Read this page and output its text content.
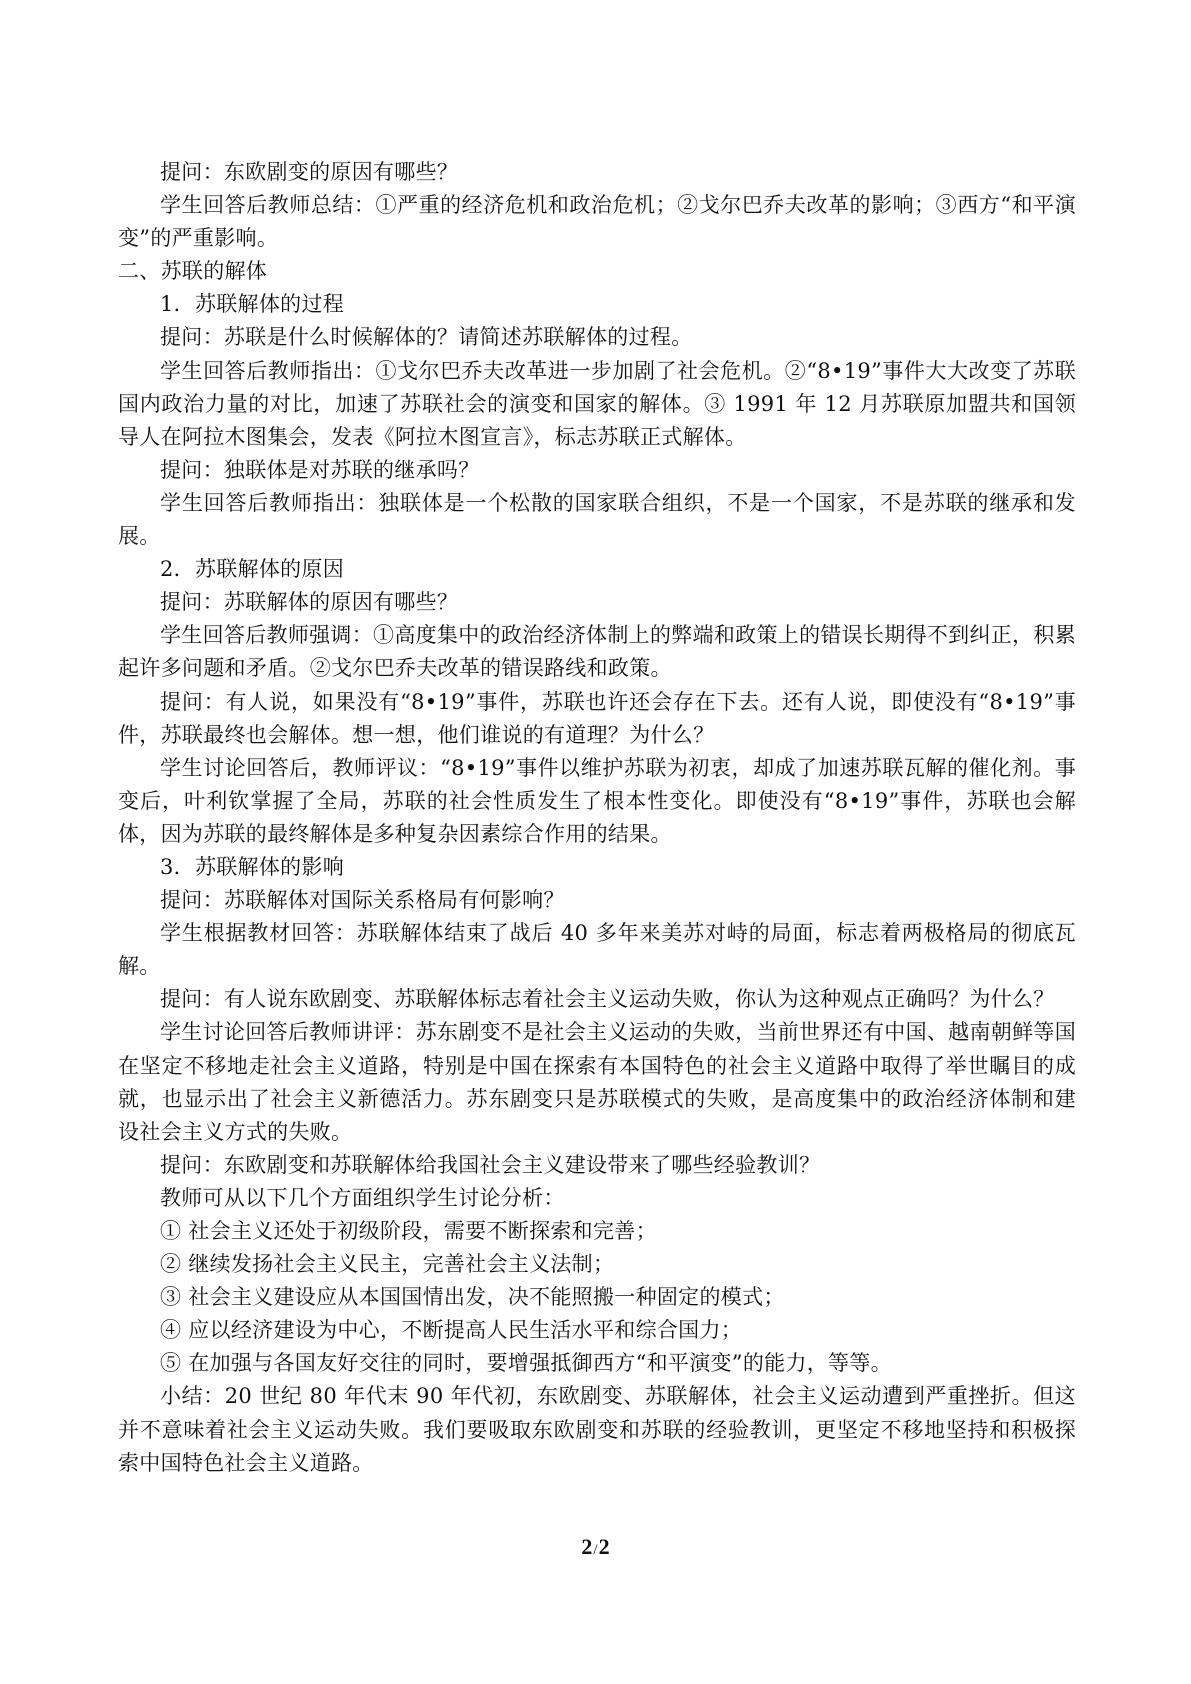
提问：东欧剧变的原因有哪些？

学生回答后教师总结：①严重的经济危机和政治危机；②戈尔巴乔夫改革的影响；③西方“和平演变”的严重影响。

二、苏联的解体

1．苏联解体的过程

提问：苏联是什么时候解体的？请简述苏联解体的过程。

学生回答后教师指出：①戈尔巴乔夫改革进一步加剧了社会危机。②“8•19”事件大大改变了苏联国内政治力量的对比，加速了苏联社会的演变和国家的解体。③ 1991 年 12 月苏联原加盟共和国领导人在阿拉木图集会，发表《阿拉木图宣言》，标志苏联正式解体。

提问：独联体是对苏联的继承吗？

学生回答后教师指出：独联体是一个松散的国家联合组织，不是一个国家，不是苏联的继承和发展。

2．苏联解体的原因

提问：苏联解体的原因有哪些？

学生回答后教师强调：①高度集中的政治经济体制上的弊端和政策上的错误长期得不到纠正，积累起许多问题和矛盾。②戈尔巴乔夫改革的错误路线和政策。

提问：有人说，如果没有“8•19”事件，苏联也许还会存在下去。还有人说，即使没有“8•19”事件，苏联最终也会解体。想一想，他们谁说的有道理？为什么？

学生讨论回答后，教师评议：“8•19”事件以维护苏联为初衷，却成了加速苏联瓦解的催化剂。事变后，叶利钦掌握了全局，苏联的社会性质发生了根本性变化。即使没有“8•19”事件，苏联也会解体，因为苏联的最终解体是多种复杂因素综合作用的结果。

3．苏联解体的影响

提问：苏联解体对国际关系格局有何影响？

学生根据教材回答：苏联解体结束了战后 40 多年来美苏对峙的局面，标志着两极格局的彻底瓦解。

提问：有人说东欧剧变、苏联解体标志着社会主义运动失败，你认为这种观点正确吗？为什么？

学生讨论回答后教师讲评：苏东剧变不是社会主义运动的失败，当前世界还有中国、越南朝鲜等国在坚定不移地走社会主义道路，特别是中国在探索有本国特色的社会主义道路中取得了举世瞩目的成就，也显示出了社会主义新德活力。苏东剧变只是苏联模式的失败，是高度集中的政治经济体制和建设社会主义方式的失败。

提问：东欧剧变和苏联解体给我国社会主义建设带来了哪些经验教训？

教师可从以下几个方面组织学生讨论分析：

① 社会主义还处于初级阶段，需要不断探索和完善；

② 继续发扬社会主义民主，完善社会主义法制；

③ 社会主义建设应从本国国情出发，决不能照搬一种固定的模式；

④ 应以经济建设为中心，不断提高人民生活水平和综合国力；

⑤ 在加强与各国友好交往的同时，要增强抵御西方“和平演变”的能力，等等。

小结：20 世纪 80 年代末 90 年代初，东欧剧变、苏联解体，社会主义运动遭到严重挫折。但这并不意味着社会主义运动失败。我们要吸取东欧剧变和苏联的经验教训，更坚定不移地坚持和积极探索中国特色社会主义道路。

2/2
